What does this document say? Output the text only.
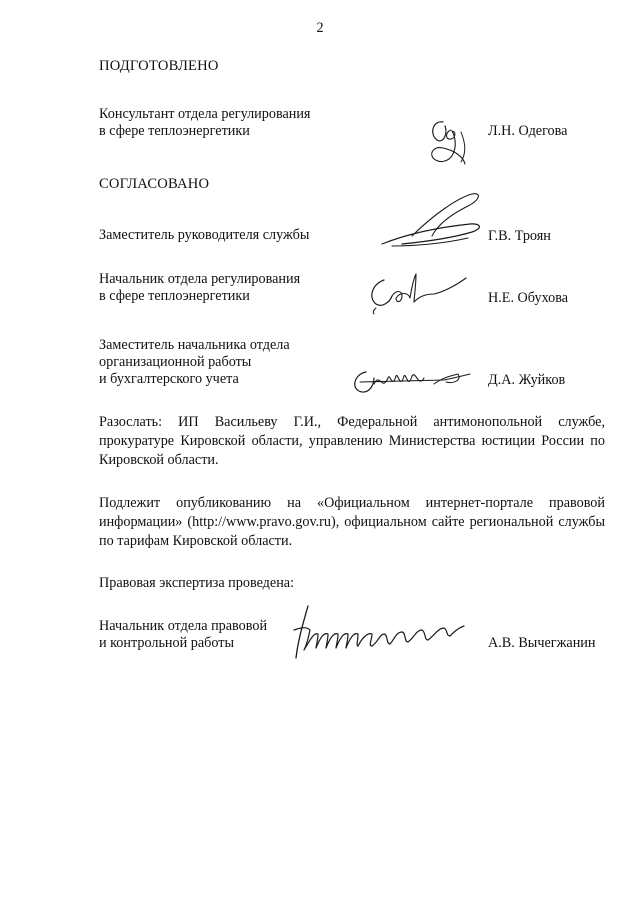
2
ПОДГОТОВЛЕНО
Консультант отдела регулирования
в сфере теплоэнергетики	Л.Н. Одегова
СОГЛАСОВАНО
Заместитель руководителя службы	Г.В. Троян
Начальник отдела регулирования
в сфере теплоэнергетики	Н.Е. Обухова
Заместитель начальника отдела
организационной работы
и бухгалтерского учета	Д.А. Жуйков
Разослать: ИП Васильеву Г.И., Федеральной антимонопольной службе, прокуратуре Кировской области, управлению Министерства юстиции России по Кировской области.
Подлежит опубликованию на «Официальном интернет-портале правовой информации» (http://www.pravo.gov.ru), официальном сайте региональной службы по тарифам Кировской области.
Правовая экспертиза проведена:
Начальник отдела правовой
и контрольной работы	А.В. Вычегжанин
